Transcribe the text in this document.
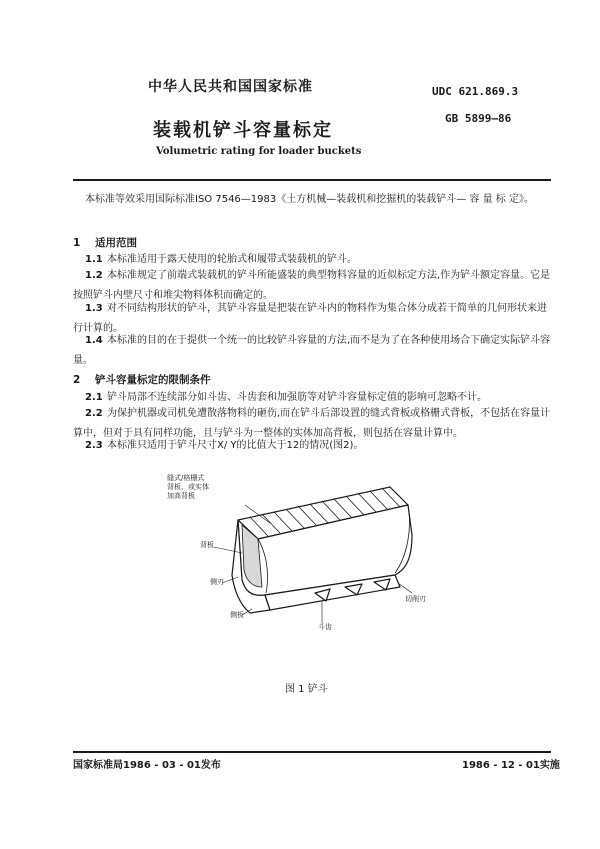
中华人民共和国国家标准	UDC 621.869.3
装载机铲斗容量标定
GB 5899—86
Volumetric rating for loader buckets
本标准等效采用国际标准ISO 7546—1983《土方机械—装载机和挖掘机的装载铲斗— 容 量 标 定》。
1 适用范围
1.1 本标准适用于露天使用的轮胎式和履带式装载机的铲斗。
1.2 本标准规定了前端式装载机的铲斗所能盛装的典型物料容量的近似标定方法,作为铲斗额定容量。它是按照铲斗内壁尺寸和堆尖物料体积而确定的。
1.3 对不同结构形状的铲斗，其铲斗容量是把装在铲斗内的物料作为集合体分成若干简单的几何形状来进行计算的。
1.4 本标准的目的在于提供一个统一的比较铲斗容量的方法,而不是为了在各种使用场合下确定实际铲斗容量。
2 铲斗容量标定的限制条件
2.1 铲斗局部不连续部分如斗齿、斗齿套和加强筋等对铲斗容量标定值的影响可忽略不计。
2.2 为保护机器或司机免遭散落物料的砸伤,而在铲斗后部设置的缝式背板或格栅式背板，不包括在容量计算中，但对于具有同样功能，且与铲斗为一整体的实体加高背板，则包括在容量计算中。
2.3 本标准只适用于铲斗尺寸X/ Y的比值大于12的情况(图2)。
缝式/格栅式
背板、或实体
加高背板
背板
侧刃
侧板
斗齿
切削刃
图 1 铲斗
国家标准局1986 - 03 - 01发布	1986 - 12 - 01实施
